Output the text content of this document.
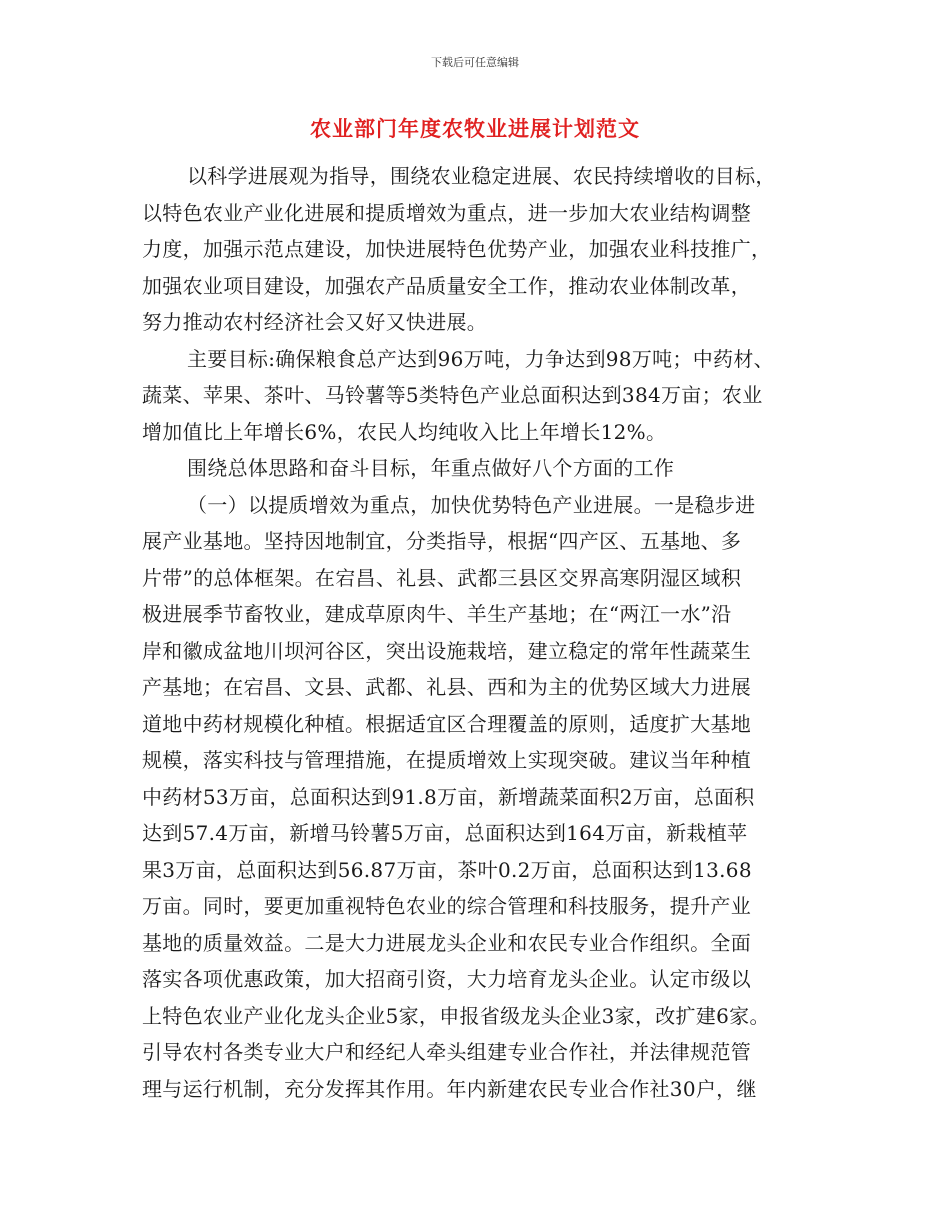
下载后可任意编辑
农业部门年度农牧业进展计划范文
以科学进展观为指导，围绕农业稳定进展、农民持续增收的目标，
以特色农业产业化进展和提质增效为重点，进一步加大农业结构调整
力度，加强示范点建设，加快进展特色优势产业，加强农业科技推广，
加强农业项目建设，加强农产品质量安全工作，推动农业体制改革，
努力推动农村经济社会又好又快进展。
主要目标:确保粮食总产达到96万吨，力争达到98万吨；中药材、
蔬菜、苹果、茶叶、马铃薯等5类特色产业总面积达到384万亩；农业
增加值比上年增长6%，农民人均纯收入比上年增长12%。
围绕总体思路和奋斗目标，年重点做好八个方面的工作
（一）以提质增效为重点，加快优势特色产业进展。一是稳步进
展产业基地。坚持因地制宜，分类指导，根据“四产区、五基地、多
片带”的总体框架。在宕昌、礼县、武都三县区交界高寒阴湿区域积
极进展季节畜牧业，建成草原肉牛、羊生产基地；在“两江一水”沿
岸和徽成盆地川坝河谷区，突出设施栽培，建立稳定的常年性蔬菜生
产基地；在宕昌、文县、武都、礼县、西和为主的优势区域大力进展
道地中药材规模化种植。根据适宜区合理覆盖的原则，适度扩大基地
规模，落实科技与管理措施，在提质增效上实现突破。建议当年种植
中药材53万亩，总面积达到91.8万亩，新增蔬菜面积2万亩，总面积
达到57.4万亩，新增马铃薯5万亩，总面积达到164万亩，新栽植苹
果3万亩，总面积达到56.87万亩，茶叶0.2万亩，总面积达到13.68
万亩。同时，要更加重视特色农业的综合管理和科技服务，提升产业
基地的质量效益。二是大力进展龙头企业和农民专业合作组织。全面
落实各项优惠政策，加大招商引资，大力培育龙头企业。认定市级以
上特色农业产业化龙头企业5家，申报省级龙头企业3家，改扩建6家。
引导农村各类专业大户和经纪人牵头组建专业合作社，并法律规范管
理与运行机制，充分发挥其作用。年内新建农民专业合作社30户，继
